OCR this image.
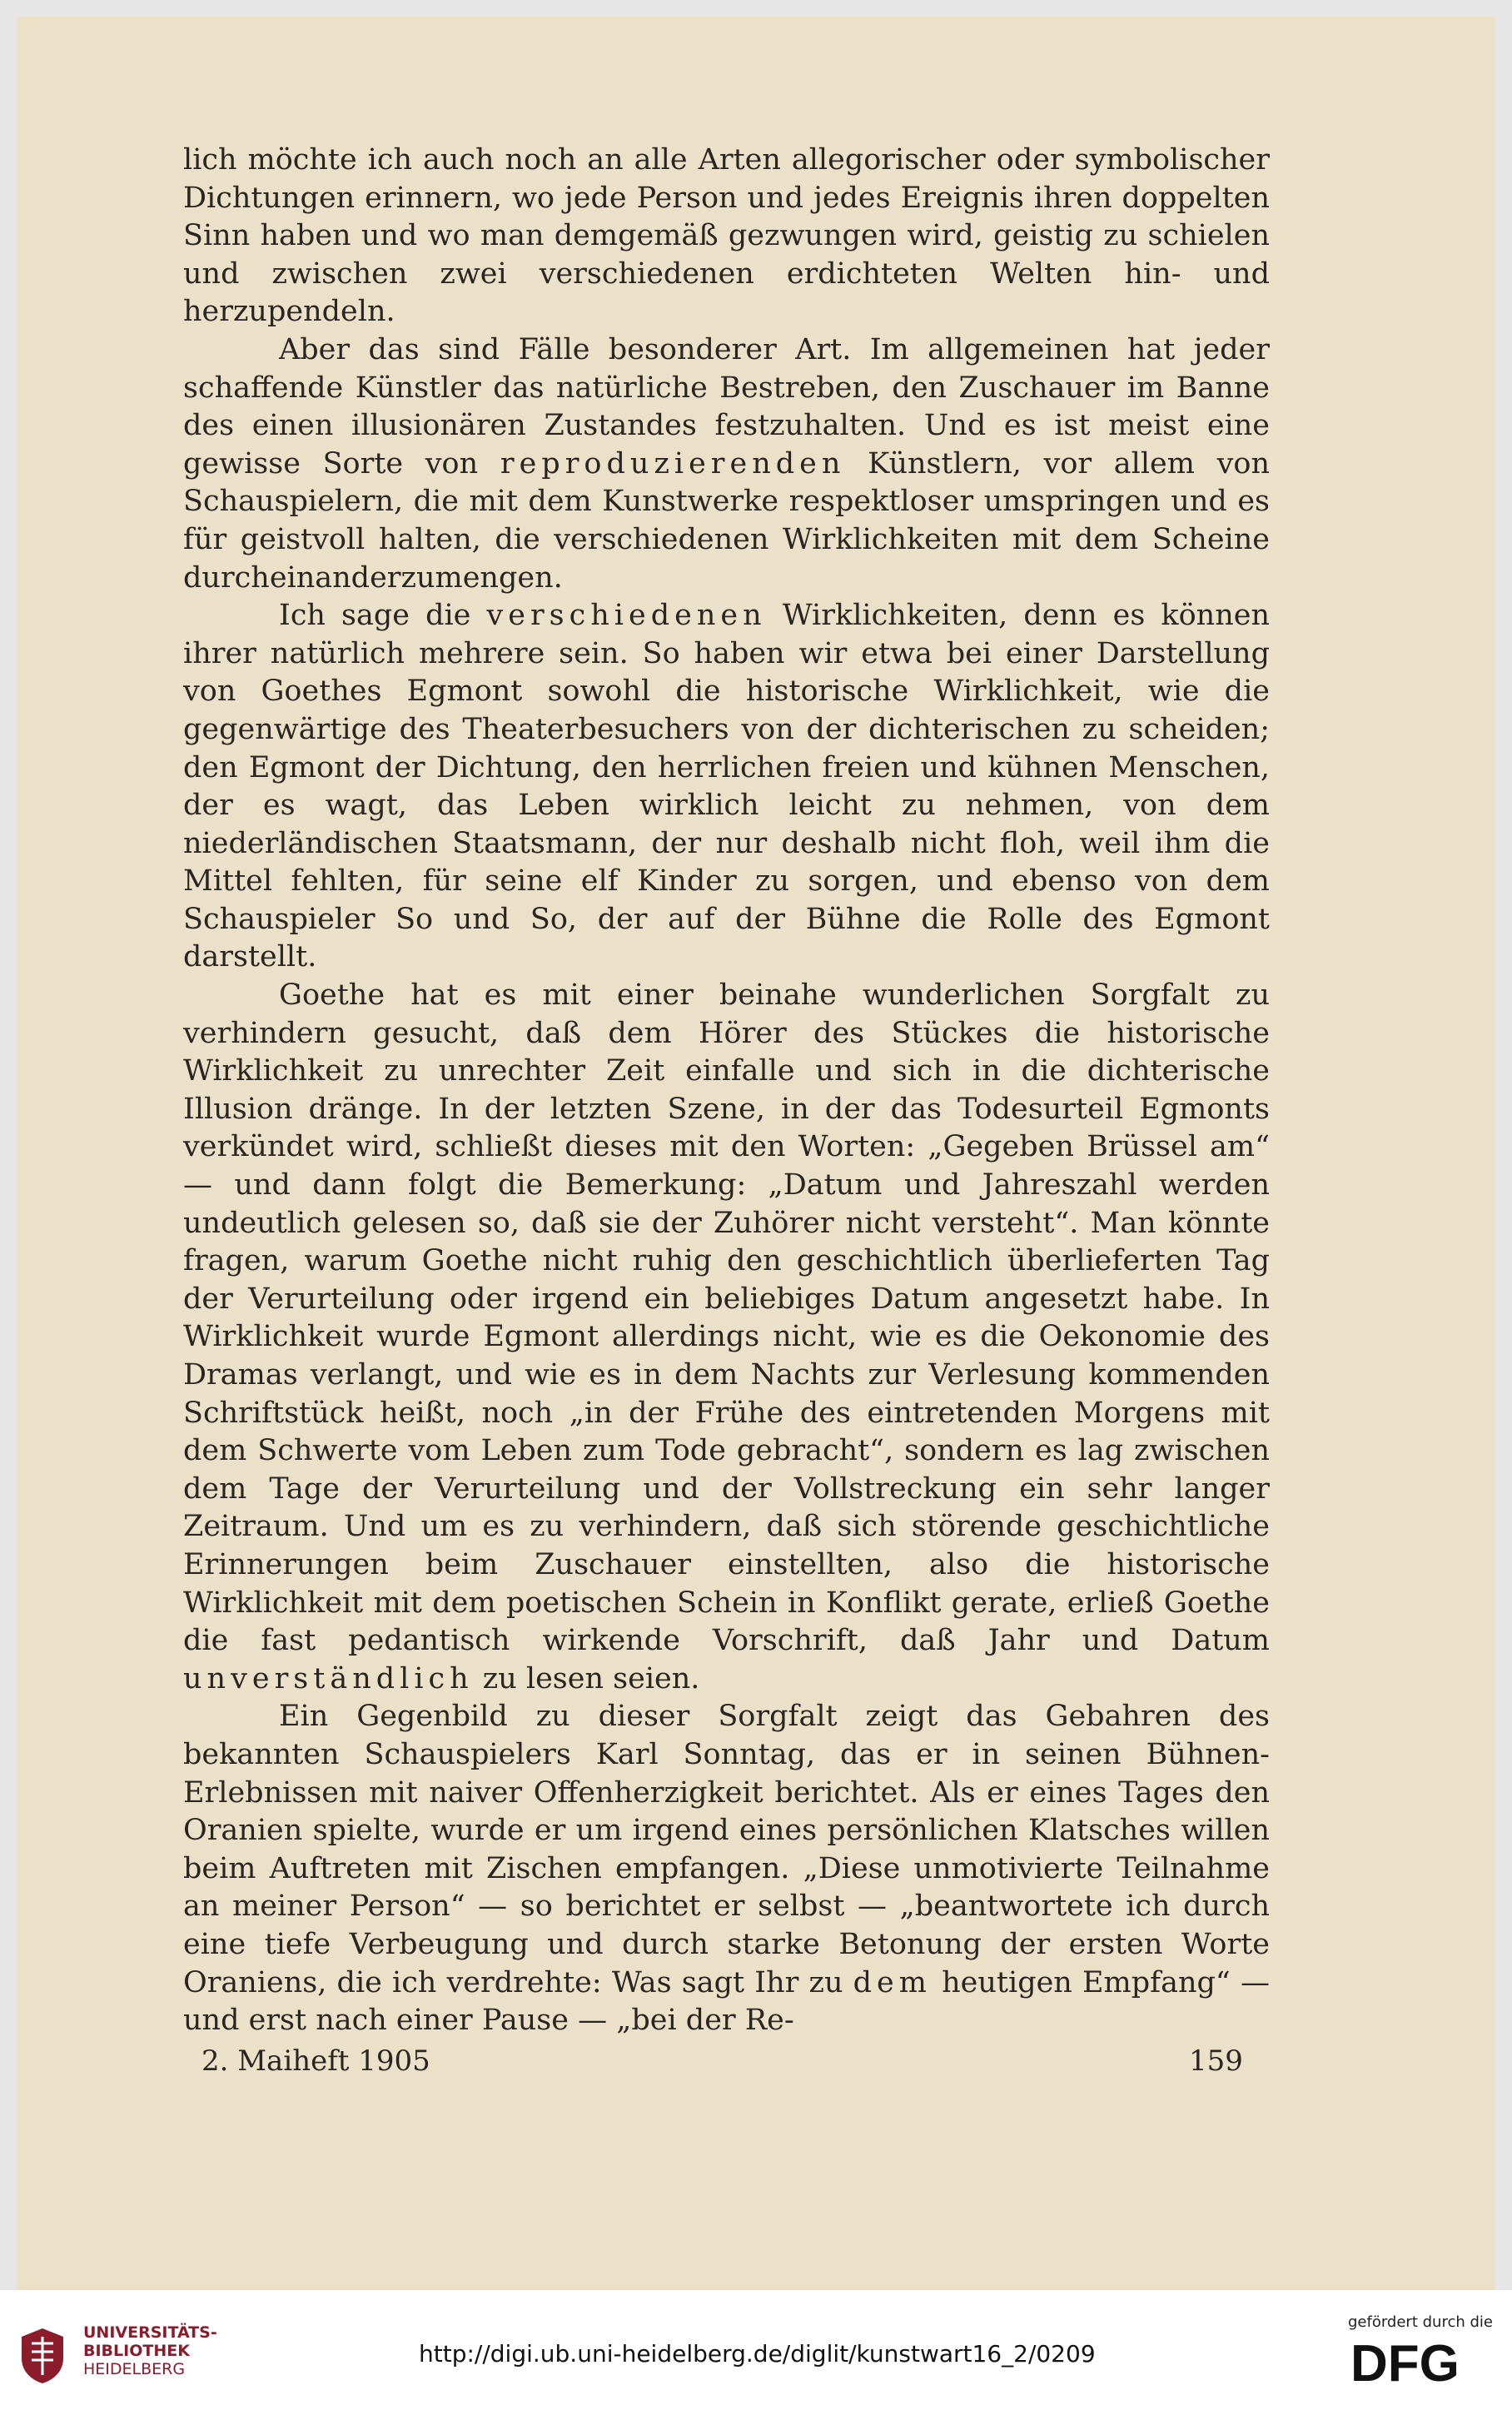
lich möchte ich auch noch an alle Arten allegorischer oder symbolischer Dichtungen erinnern, wo jede Person und jedes Ereignis ihren doppelten Sinn haben und wo man demgemäß gezwungen wird, geistig zu schielen und zwischen zwei verschiedenen erdichteten Welten hin- und herzupendeln.

Aber das sind Fälle besonderer Art. Im allgemeinen hat jeder schaffende Künstler das natürliche Bestreben, den Zuschauer im Banne des einen illusionären Zustandes festzuhalten. Und es ist meist eine gewisse Sorte von reproduzierenden Künstlern, vor allem von Schauspielern, die mit dem Kunstwerke respektloser umspringen und es für geistvoll halten, die verschiedenen Wirklichkeiten mit dem Scheine durcheinanderzumengen.

Ich sage die verschiedenen Wirklichkeiten, denn es können ihrer natürlich mehrere sein. So haben wir etwa bei einer Darstellung von Goethes Egmont sowohl die historische Wirklichkeit, wie die gegenwärtige des Theaterbesuchers von der dichterischen zu scheiden; den Egmont der Dichtung, den herrlichen freien und kühnen Menschen, der es wagt, das Leben wirklich leicht zu nehmen, von dem niederländischen Staatsmann, der nur deshalb nicht floh, weil ihm die Mittel fehlten, für seine elf Kinder zu sorgen, und ebenso von dem Schauspieler So und So, der auf der Bühne die Rolle des Egmont darstellt.

Goethe hat es mit einer beinahe wunderlichen Sorgfalt zu verhindern gesucht, daß dem Hörer des Stückes die historische Wirklichkeit zu unrechter Zeit einfalle und sich in die dichterische Illusion dränge. In der letzten Szene, in der das Todesurteil Egmonts verkündet wird, schließt dieses mit den Worten: „Gegeben Brüssel am“ — und dann folgt die Bemerkung: „Datum und Jahreszahl werden undeutlich gelesen so, daß sie der Zuhörer nicht versteht“. Man könnte fragen, warum Goethe nicht ruhig den geschichtlich überlieferten Tag der Verurteilung oder irgend ein beliebiges Datum angesetzt habe. In Wirklichkeit wurde Egmont allerdings nicht, wie es die Oekonomie des Dramas verlangt, und wie es in dem Nachts zur Verlesung kommenden Schriftstück heißt, noch „in der Frühe des eintretenden Morgens mit dem Schwerte vom Leben zum Tode gebracht“, sondern es lag zwischen dem Tage der Verurteilung und der Vollstreckung ein sehr langer Zeitraum. Und um es zu verhindern, daß sich störende geschichtliche Erinnerungen beim Zuschauer einstellten, also die historische Wirklichkeit mit dem poetischen Schein in Konflikt gerate, erließ Goethe die fast pedantisch wirkende Vorschrift, daß Jahr und Datum unverständlich zu lesen seien.

Ein Gegenbild zu dieser Sorgfalt zeigt das Gebahren des bekannten Schauspielers Karl Sonntag, das er in seinen Bühnen-Erlebnissen mit naiver Offenherzigkeit berichtet. Als er eines Tages den Oranien spielte, wurde er um irgend eines persönlichen Klatsches willen beim Auftreten mit Zischen empfangen. „Diese unmotivierte Teilnahme an meiner Person“ — so berichtet er selbst — „beantwortete ich durch eine tiefe Verbeugung und durch starke Betonung der ersten Worte Oraniens, die ich verdrehte: Was sagt Ihr zu dem heutigen Empfang“ — und erst nach einer Pause — „bei der Re-

2. Maiheft 1905	159
UNIVERSITÄTS-
BIBLIOTHEK
HEIDELBERG
http://digi.ub.uni-heidelberg.de/diglit/kunstwart16_2/0209
gefördert durch die
DFG
